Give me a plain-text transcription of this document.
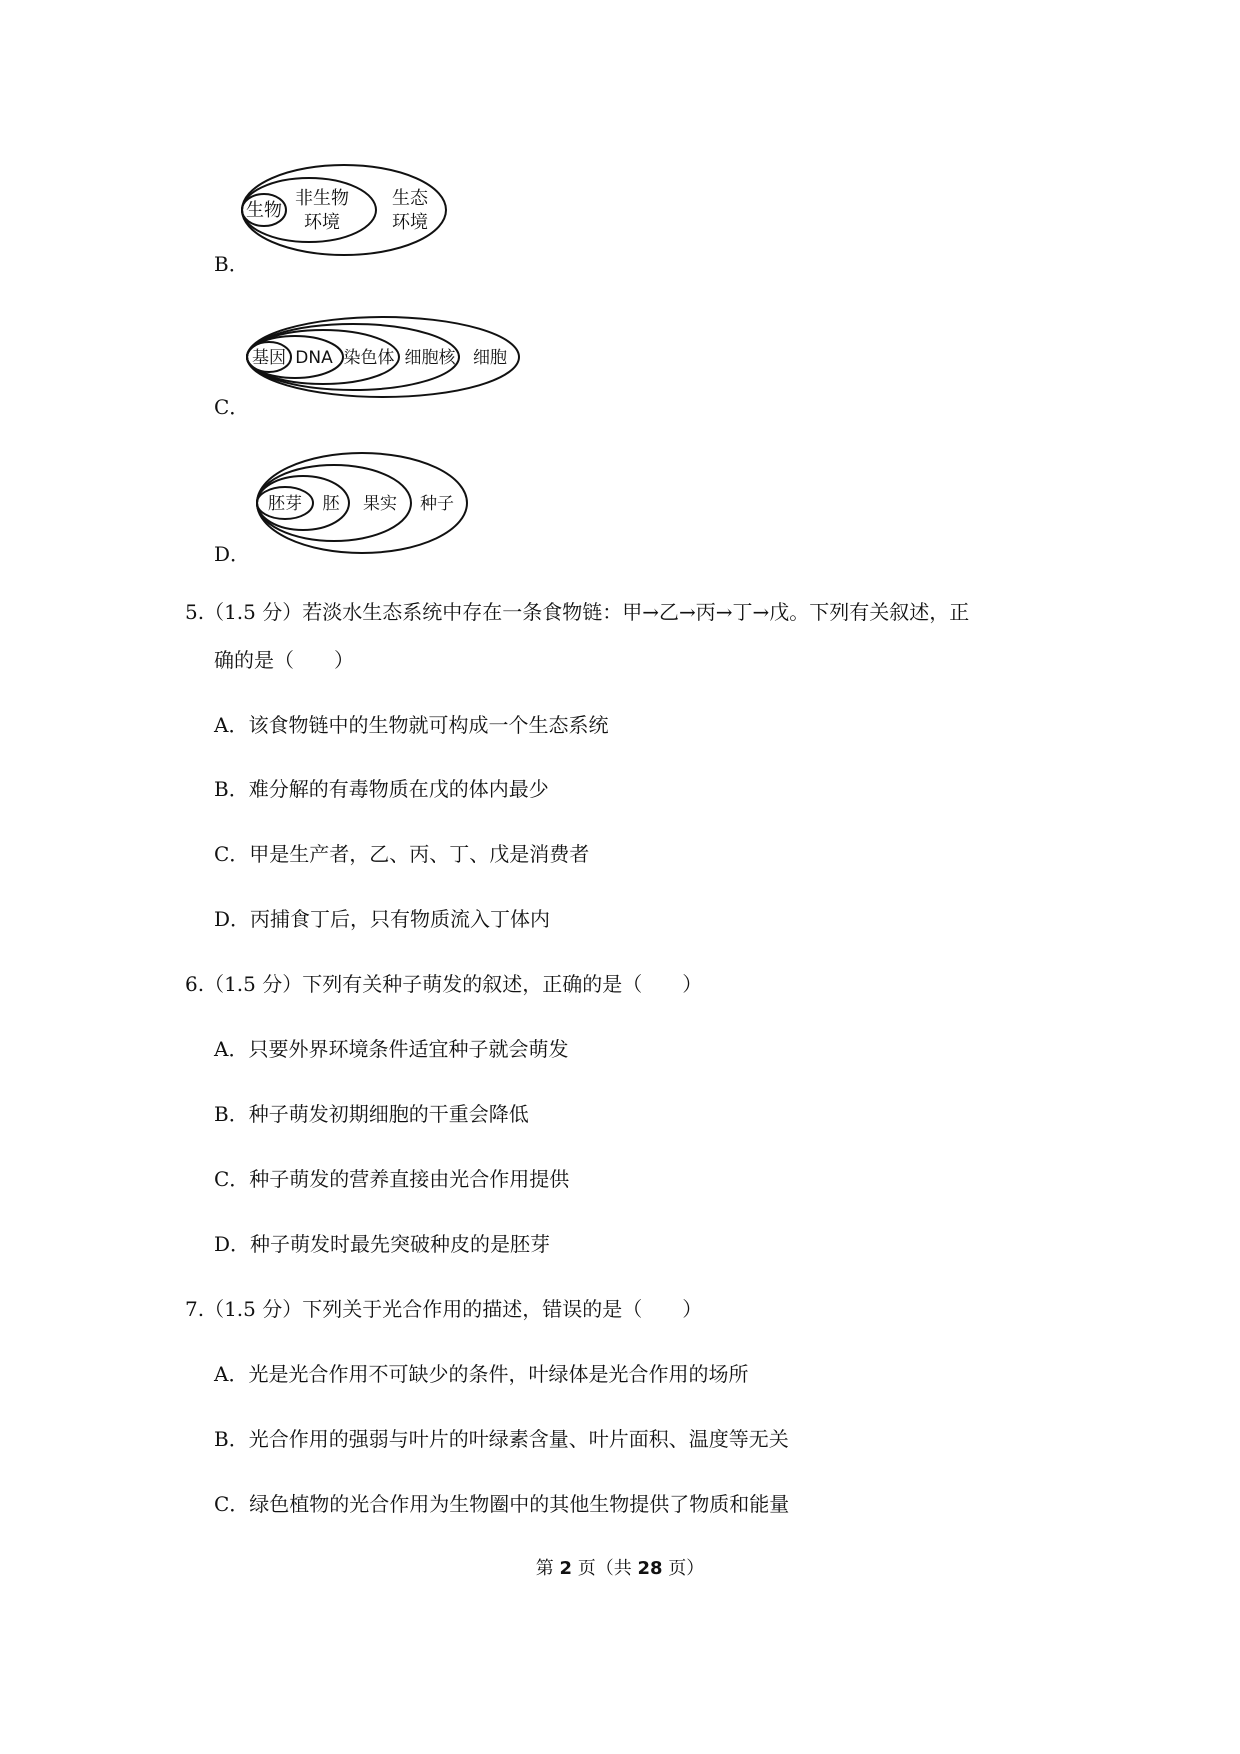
生物
非生物
环境
生态
环境
B．
基因 DNA 染色体 细胞核 细胞
C．
胚芽 胚 果实 种子
D．
5.（1.5 分）若淡水生态系统中存在一条食物链：甲→乙→丙→丁→戊。下列有关叙述，正
确的是（　　）
A．该食物链中的生物就可构成一个生态系统
B．难分解的有毒物质在戊的体内最少
C．甲是生产者，乙、丙、丁、戊是消费者
D．丙捕食丁后，只有物质流入丁体内
6.（1.5 分）下列有关种子萌发的叙述，正确的是（　　）
A．只要外界环境条件适宜种子就会萌发
B．种子萌发初期细胞的干重会降低
C．种子萌发的营养直接由光合作用提供
D．种子萌发时最先突破种皮的是胚芽
7.（1.5 分）下列关于光合作用的描述，错误的是（　　）
A．光是光合作用不可缺少的条件，叶绿体是光合作用的场所
B．光合作用的强弱与叶片的叶绿素含量、叶片面积、温度等无关
C．绿色植物的光合作用为生物圈中的其他生物提供了物质和能量
第 2 页（共 28 页）
